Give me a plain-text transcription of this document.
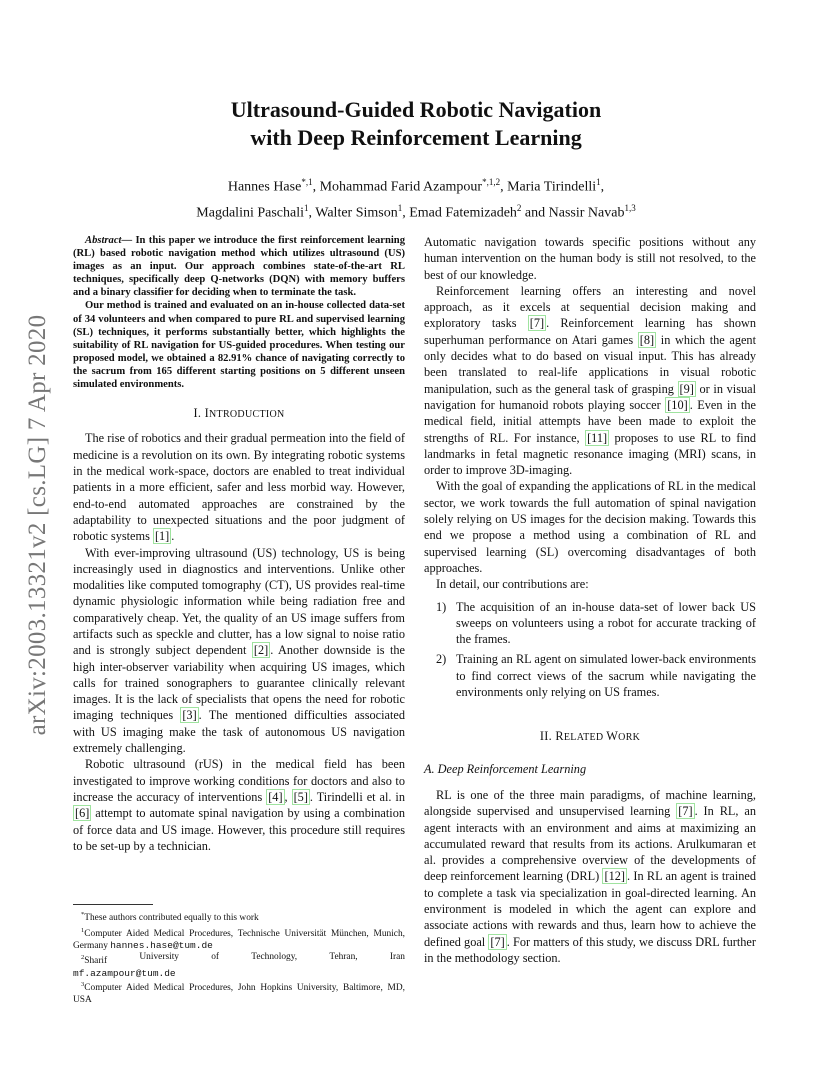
arXiv:2003.13321v2 [cs.LG] 7 Apr 2020
Ultrasound-Guided Robotic Navigation
with Deep Reinforcement Learning
Hannes Hase$^{*,1}$, Mohammad Farid Azampour$^{*,1,2}$, Maria Tirindelli$^1$,
Magdalini Paschali$^1$, Walter Simson$^1$, Emad Fatemizadeh$^2$ and Nassir Navab$^{1,3}$

Abstract— In this paper we introduce the first reinforcement learning (RL) based robotic navigation method which utilizes ultrasound (US) images as an input. Our approach combines state-of-the-art RL techniques, specifically deep Q-networks (DQN) with memory buffers and a binary classifier for deciding when to terminate the task.

Our method is trained and evaluated on an in-house collected data-set of 34 volunteers and when compared to pure RL and supervised learning (SL) techniques, it performs substantially better, which highlights the suitability of RL navigation for US-guided procedures. When testing our proposed model, we obtained a 82.91% chance of navigating correctly to the sacrum from 165 different starting positions on 5 different unseen simulated environments.

I. INTRODUCTION

The rise of robotics and their gradual permeation into the field of medicine is a revolution on its own. By integrating robotic systems in the medical work-space, doctors are enabled to treat individual patients in a more efficient, safer and less morbid way. However, end-to-end automated approaches are constrained by the adaptability to unexpected situations and the poor judgment of robotic systems [1] .

With ever-improving ultrasound (US) technology, US is being increasingly used in diagnostics and interventions. Unlike other modalities like computed tomography (CT), US provides real-time dynamic physiologic information while being radiation free and comparatively cheap. Yet, the quality of an US image suffers from artifacts such as speckle and clutter, has a low signal to noise ratio and is strongly subject dependent [2] . Another downside is the high inter-observer variability when acquiring US images, which calls for trained sonographers to guarantee clinically relevant images. It is the lack of specialists that opens the need for robotic imaging techniques [3] . The mentioned difficulties associated with US imaging make the task of autonomous US navigation extremely challenging.

Robotic ultrasound (rUS) in the medical field has been investigated to improve working conditions for doctors and also to increase the accuracy of interventions [4] , [5] . Tirindelli et al. in  [6] attempt to automate spinal navigation by using a combination of force data and US image. However, this procedure still requires to be set-up by a technician.

*These authors contributed equally to this work

$^1$Computer Aided Medical Procedures, Technische Universität München, Munich, Germany hannes.hase@tum.de

$^2$Sharif	University	of	Technology,	Tehran,	Iran
mf.azampour@tum.de

$^3$Computer Aided Medical Procedures, John Hopkins University, Baltimore, MD, USA

Automatic navigation towards specific positions without any human intervention on the human body is still not resolved, to the best of our knowledge.

Reinforcement learning offers an interesting and novel approach, as it excels at sequential decision making and exploratory tasks [7] . Reinforcement learning has shown superhuman performance on Atari games [8] in which the agent only decides what to do based on visual input. This has already been translated to real-life applications in visual robotic manipulation, such as the general task of grasping [9] or in visual navigation for humanoid robots playing soccer [10] . Even in the medical field, initial attempts have been made to exploit the strengths of RL. For instance, [11] proposes to use RL to find landmarks in fetal magnetic resonance imaging (MRI) scans, in order to improve 3D-imaging.

With the goal of expanding the applications of RL in the medical sector, we work towards the full automation of spinal navigation solely relying on US images for the decision making. Towards this end we propose a method using a combination of RL and supervised learning (SL) overcoming disadvantages of both approaches.

In detail, our contributions are:

1) The acquisition of an in-house data-set of lower back US sweeps on volunteers using a robot for accurate tracking of the frames.
2) Training an RL agent on simulated lower-back environments to find correct views of the sacrum while navigating the environments only relying on US frames.
II. RELATED WORK
A. Deep Reinforcement Learning

RL is one of the three main paradigms, of machine learning, alongside supervised and unsupervised learning [7] . In RL, an agent interacts with an environment and aims at maximizing an accumulated reward that results from its actions. Arulkumaran et al. provides a comprehensive overview of the developments of deep reinforcement learning (DRL) [12] . In RL an agent is trained to complete a task via specialization in goal-directed learning. An environment is modeled in which the agent can explore and associate actions with rewards and thus, learn how to achieve the defined goal [7] . For matters of this study, we discuss DRL further in the methodology section.
